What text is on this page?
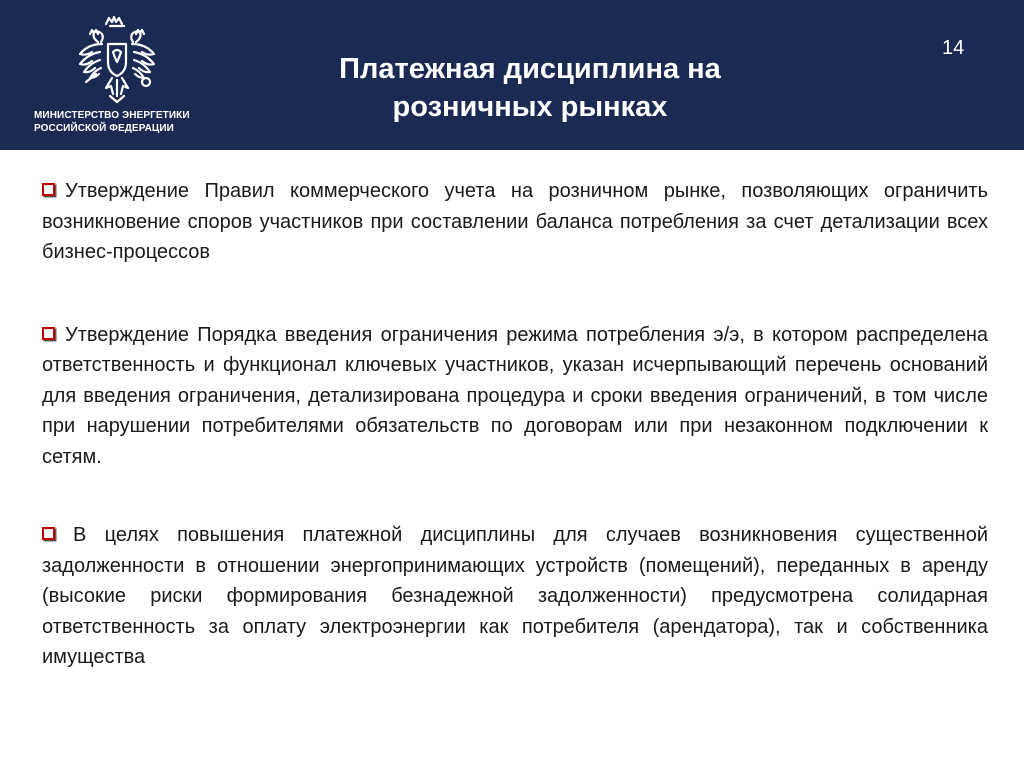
МИНИСТЕРСТВО ЭНЕРГЕТИКИ
РОССИЙСКОЙ ФЕДЕРАЦИИ
Платежная дисциплина на
розничных рынках
14

Утверждение Правил коммерческого учета на розничном рынке, позволяющих ограничить возникновение споров участников при составлении баланса потребления за счет детализации всех бизнес-процессов

Утверждение Порядка введения ограничения режима потребления э/э, в котором распределена ответственность и функционал ключевых участников, указан исчерпывающий перечень оснований для введения ограничения, детализирована процедура и сроки введения ограничений, в том числе при нарушении потребителями обязательств по договорам или при незаконном подключении к сетям.

В целях повышения платежной дисциплины для случаев возникновения существенной задолженности в отношении энергопринимающих устройств (помещений), переданных в аренду (высокие риски формирования безнадежной задолженности) предусмотрена солидарная ответственность за оплату электроэнергии как потребителя (арендатора), так и собственника имущества
